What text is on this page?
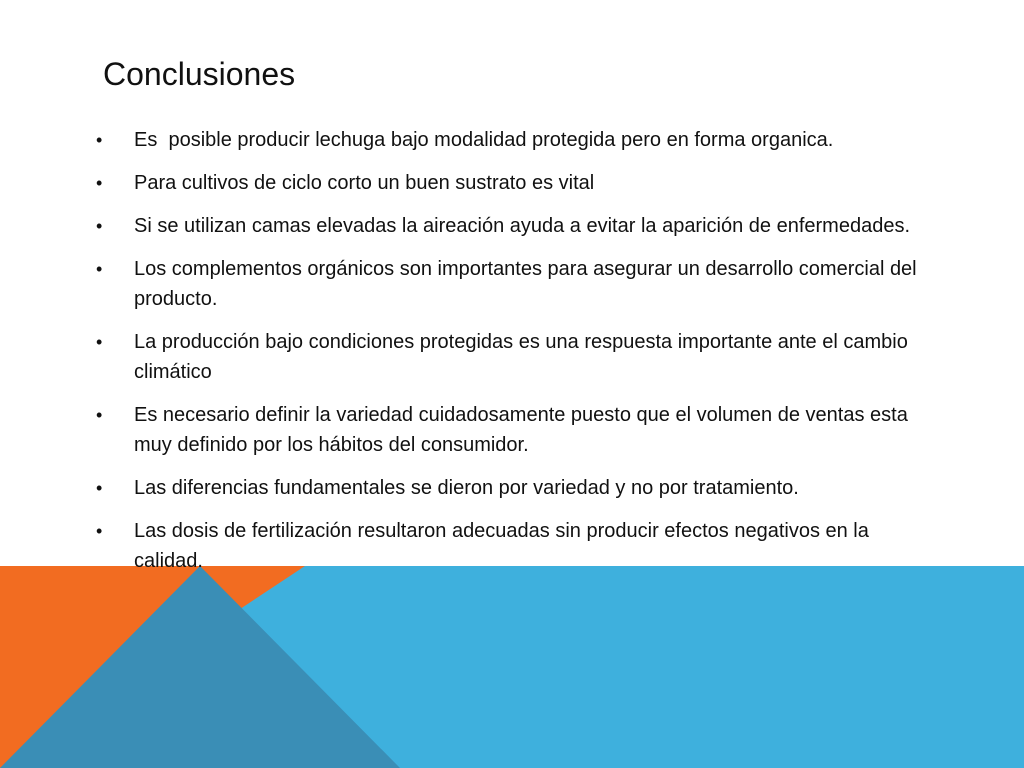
Conclusiones
• Es  posible producir lechuga bajo modalidad protegida pero en forma organica.
• Para cultivos de ciclo corto un buen sustrato es vital
• Si se utilizan camas elevadas la aireación ayuda a evitar la aparición de enfermedades.
• Los complementos orgánicos son importantes para asegurar un desarrollo comercial del producto.
• La producción bajo condiciones protegidas es una respuesta importante ante el cambio climático
• Es necesario definir la variedad cuidadosamente puesto que el volumen de ventas esta muy definido por los hábitos del consumidor.
• Las diferencias fundamentales se dieron por variedad y no por tratamiento.
• Las dosis de fertilización resultaron adecuadas sin producir efectos negativos en la calidad.
